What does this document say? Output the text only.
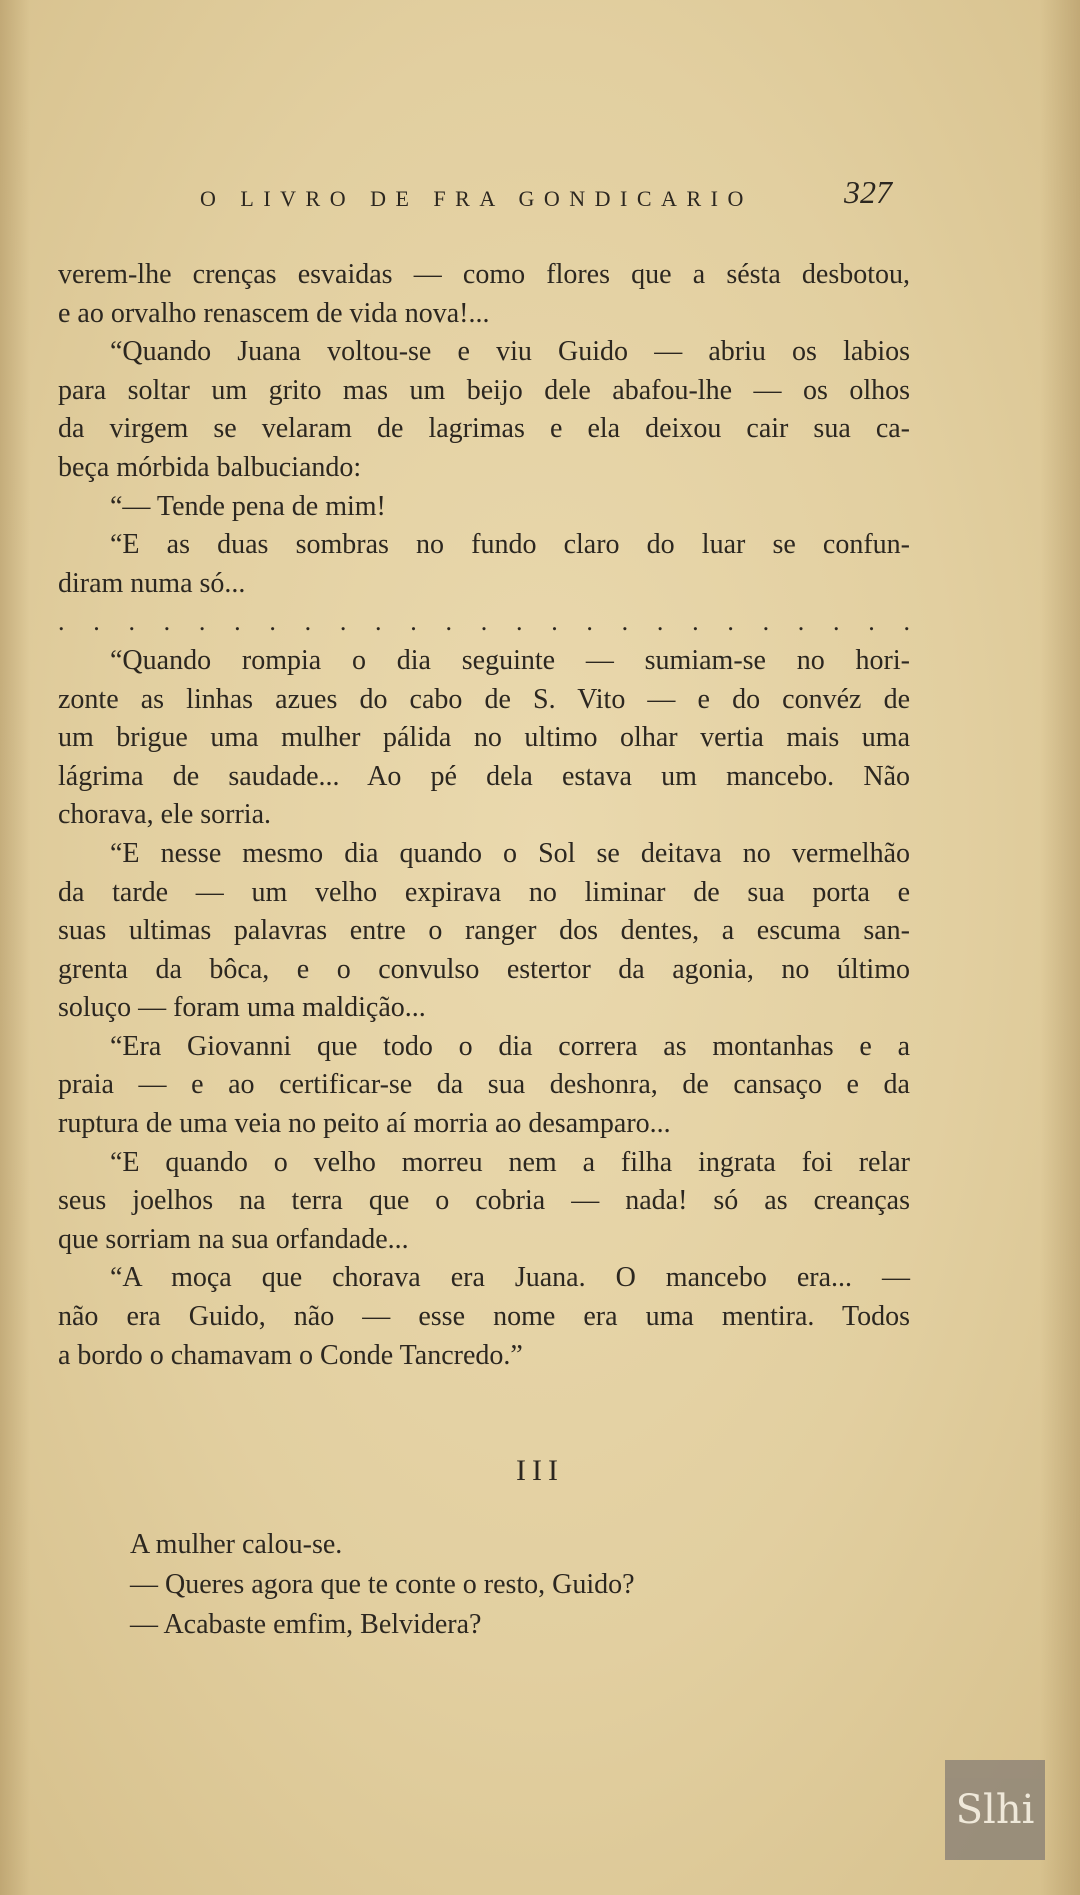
O LIVRO DE FRA GONDICARIO	327
verem-lhe crenças esvaidas — como flores que a sésta desbotou,
e ao orvalho renascem de vida nova!...
“Quando Juana voltou-se e viu Guido — abriu os labios
para soltar um grito mas um beijo dele abafou-lhe — os olhos
da virgem se velaram de lagrimas e ela deixou cair sua ca-
beça mórbida balbuciando:
“— Tende pena de mim!
“E as duas sombras no fundo claro do luar se confun-
diram numa só...
. . . . . . . . . . . . . . . . . . . . . . . . .
“Quando rompia o dia seguinte — sumiam-se no hori-
zonte as linhas azues do cabo de S. Vito — e do convéz de
um brigue uma mulher pálida no ultimo olhar vertia mais uma
lágrima de saudade... Ao pé dela estava um mancebo. Não
chorava, ele sorria.
“E nesse mesmo dia quando o Sol se deitava no vermelhão
da tarde — um velho expirava no liminar de sua porta e
suas ultimas palavras entre o ranger dos dentes, a escuma san-
grenta da bôca, e o convulso estertor da agonia, no último
soluço — foram uma maldição...
“Era Giovanni que todo o dia correra as montanhas e a
praia — e ao certificar-se da sua deshonra, de cansaço e da
ruptura de uma veia no peito aí morria ao desamparo...
“E quando o velho morreu nem a filha ingrata foi relar
seus joelhos na terra que o cobria — nada! só as creanças
que sorriam na sua orfandade...
“A moça que chorava era Juana. O mancebo era... —
não era Guido, não — esse nome era uma mentira. Todos
a bordo o chamavam o Conde Tancredo.”
III
A mulher calou-se.
— Queres agora que te conte o resto, Guido?
— Acabaste emfim, Belvidera?
Slhi
